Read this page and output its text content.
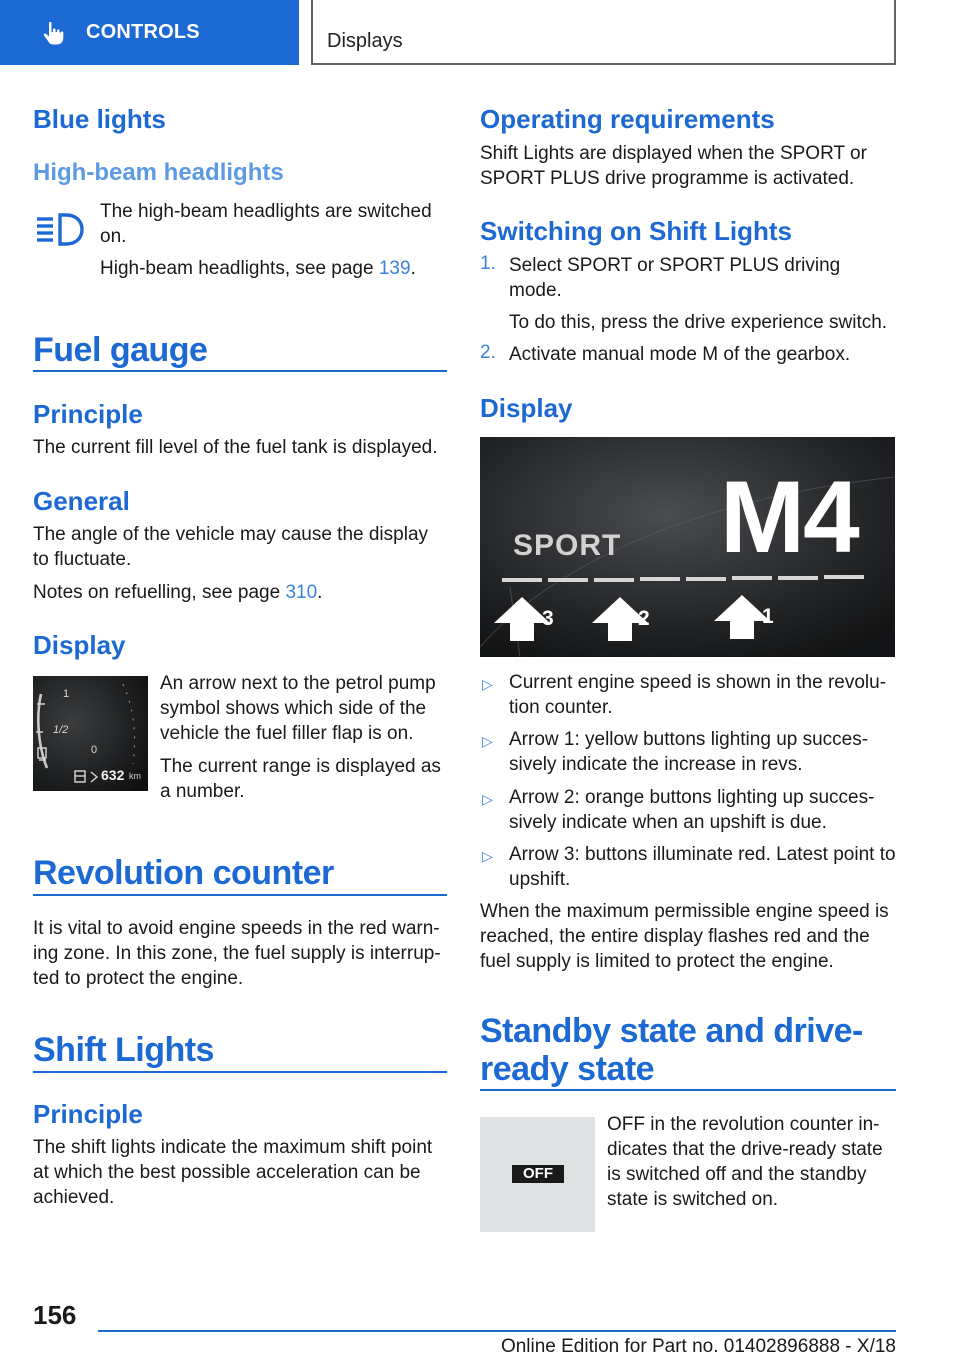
CONTROLS	Displays
Blue lights
High-beam headlights
The high-beam headlights are switched on.
High-beam headlights, see page 139.
Fuel gauge
Principle
The current fill level of the fuel tank is displayed.
General
The angle of the vehicle may cause the display to fluctuate.
Notes on refuelling, see page 310.
Display
1
1/2
0
632 km
An arrow next to the petrol pump symbol shows which side of the vehicle the fuel filler flap is on.
The current range is displayed as a number.
Revolution counter
It is vital to avoid engine speeds in the red warning zone. In this zone, the fuel supply is interrupted to protect the engine.
Shift Lights
Principle
The shift lights indicate the maximum shift point at which the best possible acceleration can be achieved.
Operating requirements
Shift Lights are displayed when the SPORT or SPORT PLUS drive programme is activated.
Switching on Shift Lights
1. Select SPORT or SPORT PLUS driving mode.
To do this, press the drive experience switch.
2. Activate manual mode M of the gearbox.
Display
SPORT M4
3	2	1
▷ Current engine speed is shown in the revolution counter.
▷ Arrow 1: yellow buttons lighting up successively indicate the increase in revs.
▷ Arrow 2: orange buttons lighting up successively indicate when an upshift is due.
▷ Arrow 3: buttons illuminate red. Latest point to upshift.
When the maximum permissible engine speed is reached, the entire display flashes red and the fuel supply is limited to protect the engine.
Standby state and drive-
ready state
OFF
OFF in the revolution counter indicates that the drive-ready state is switched off and the standby state is switched on.
156
Online Edition for Part no. 01402896888 - X/18
